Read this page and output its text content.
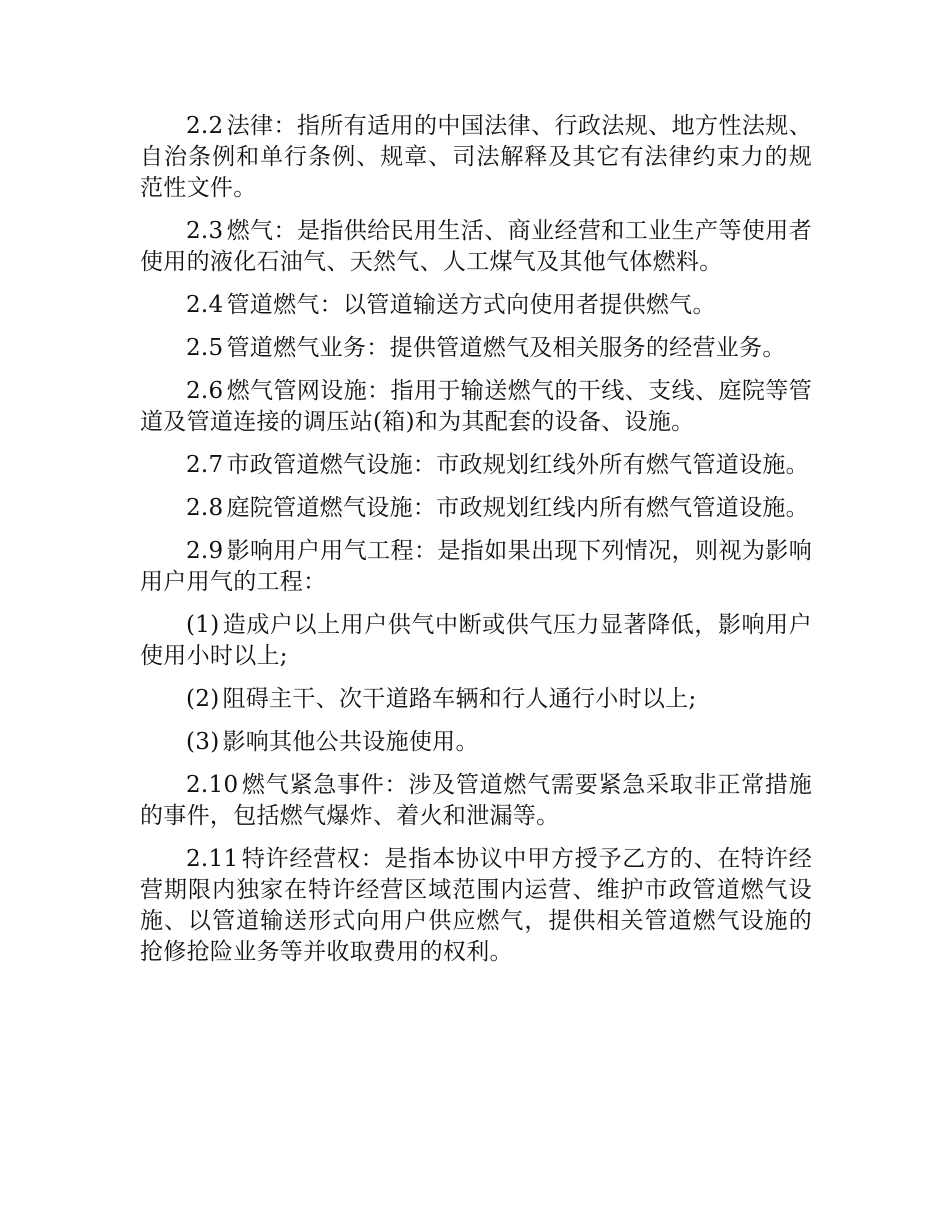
2.2 法律：指所有适用的中国法律、行政法规、地方性法规、自治条例和单行条例、规章、司法解释及其它有法律约束力的规范性文件。

2.3 燃气：是指供给民用生活、商业经营和工业生产等使用者使用的液化石油气、天然气、人工煤气及其他气体燃料。

2.4 管道燃气：以管道输送方式向使用者提供燃气。

2.5 管道燃气业务：提供管道燃气及相关服务的经营业务。

2.6 燃气管网设施：指用于输送燃气的干线、支线、庭院等管道及管道连接的调压站(箱)和为其配套的设备、设施。

2.7 市政管道燃气设施：市政规划红线外所有燃气管道设施。

2.8 庭院管道燃气设施：市政规划红线内所有燃气管道设施。

2.9 影响用户用气工程：是指如果出现下列情况，则视为影响用户用气的工程：

(1) 造成户以上用户供气中断或供气压力显著降低，影响用户使用小时以上;

(2) 阻碍主干、次干道路车辆和行人通行小时以上;

(3) 影响其他公共设施使用。

2.10 燃气紧急事件：涉及管道燃气需要紧急采取非正常措施的事件，包括燃气爆炸、着火和泄漏等。

2.11 特许经营权：是指本协议中甲方授予乙方的、在特许经营期限内独家在特许经营区域范围内运营、维护市政管道燃气设施、以管道输送形式向用户供应燃气，提供相关管道燃气设施的抢修抢险业务等并收取费用的权利。
